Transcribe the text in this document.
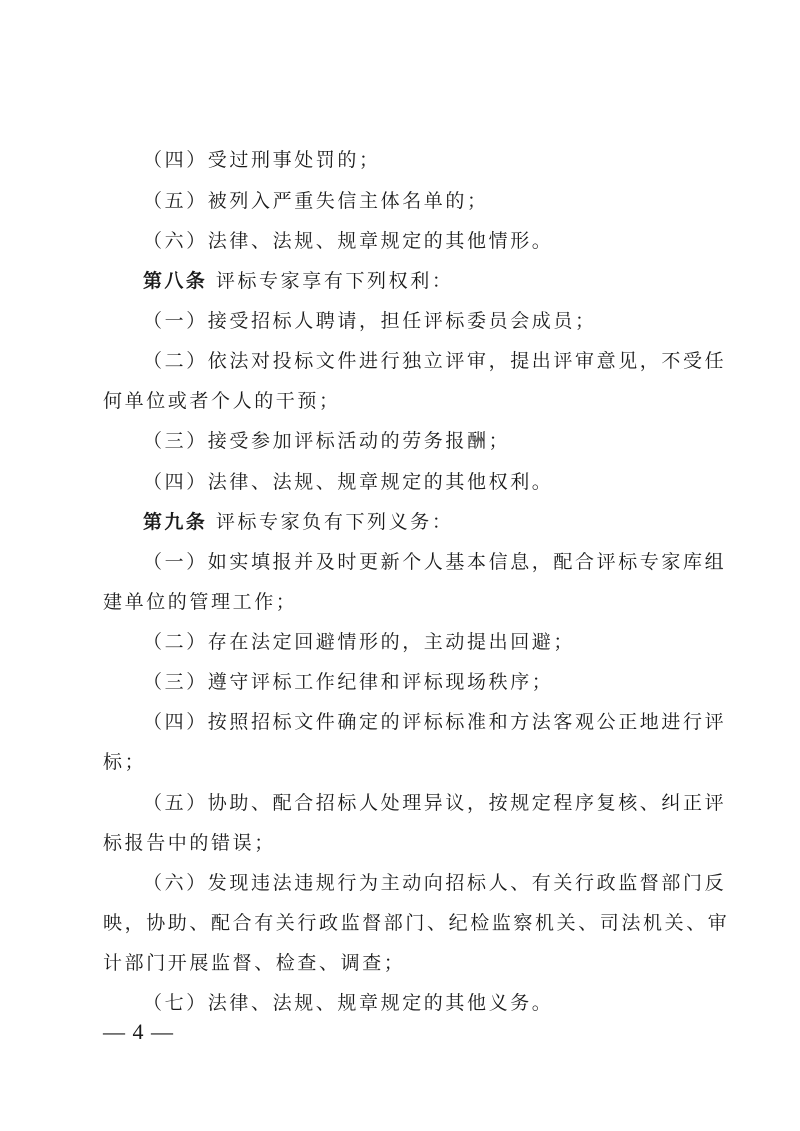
（四）受过刑事处罚的；
（五）被列入严重失信主体名单的；
（六）法律、法规、规章规定的其他情形。
第八条 评标专家享有下列权利：
（一）接受招标人聘请，担任评标委员会成员；
（二）依法对投标文件进行独立评审，提出评审意见，不受任
何单位或者个人的干预；
（三）接受参加评标活动的劳务报酬；
（四）法律、法规、规章规定的其他权利。
第九条 评标专家负有下列义务：
（一）如实填报并及时更新个人基本信息，配合评标专家库组
建单位的管理工作；
（二）存在法定回避情形的，主动提出回避；
（三）遵守评标工作纪律和评标现场秩序；
（四）按照招标文件确定的评标标准和方法客观公正地进行评
标；
（五）协助、配合招标人处理异议，按规定程序复核、纠正评
标报告中的错误；
（六）发现违法违规行为主动向招标人、有关行政监督部门反
映，协助、配合有关行政监督部门、纪检监察机关、司法机关、审
计部门开展监督、检查、调查；
（七）法律、法规、规章规定的其他义务。
— 4 —
